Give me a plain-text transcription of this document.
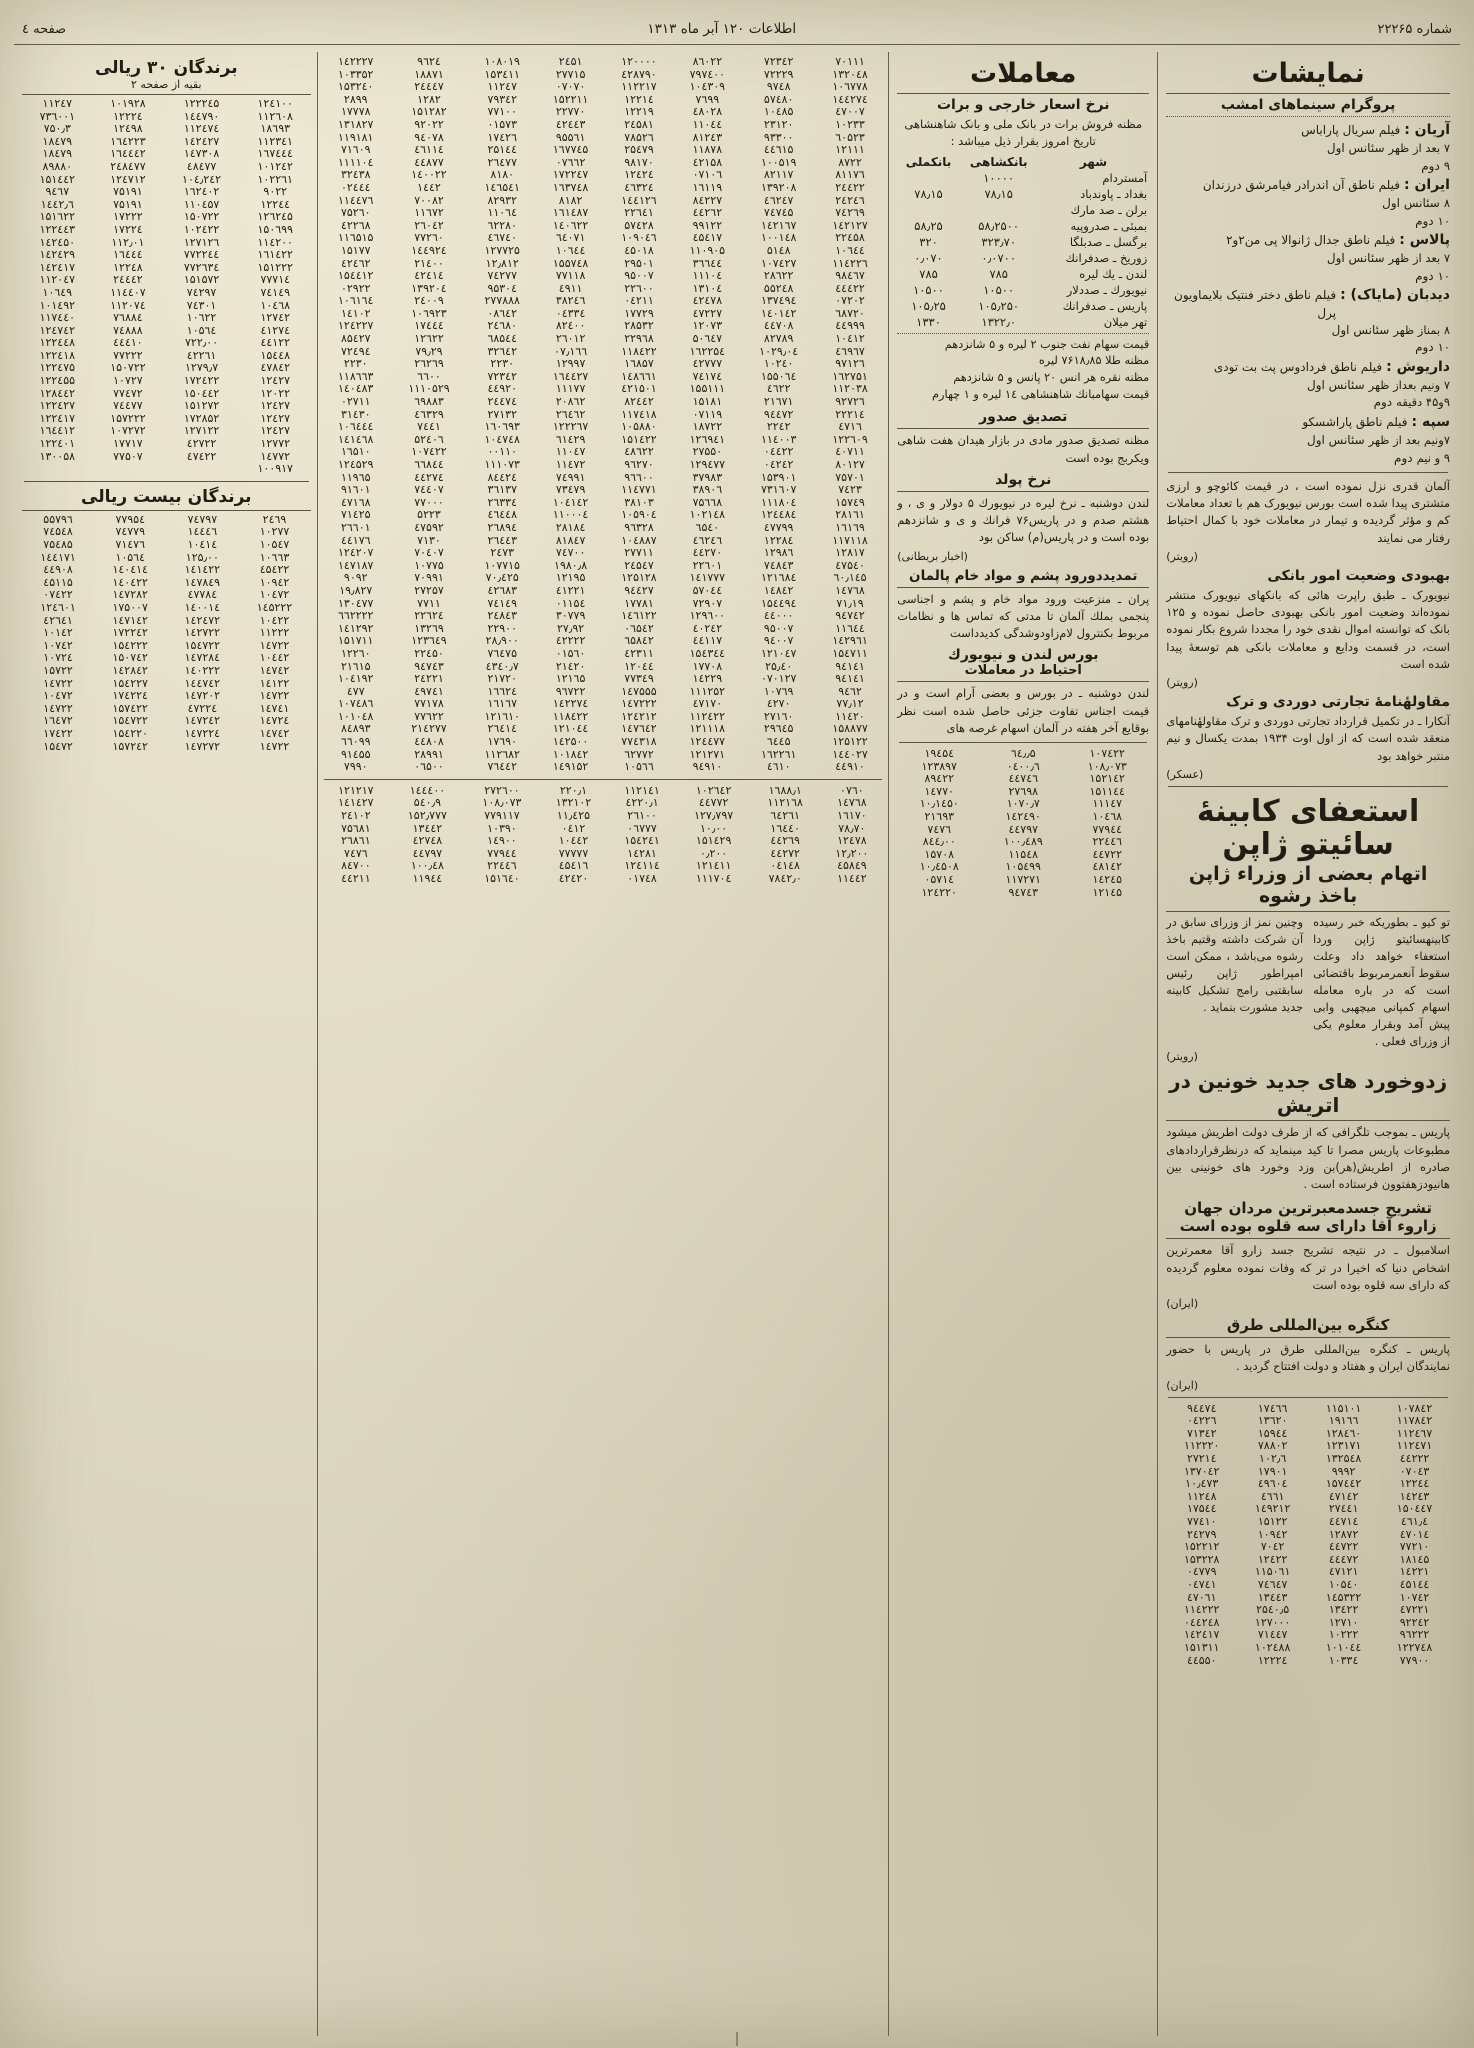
شماره ۲۲۲۶۵
اطلاعات ۱۲۰ آبر ماه ۱۳۱۳
صفحه ٤
نمایشات
پروگرام سینماهای امشب
آریان :
فیلم سریال پاراباس
۷ بعد از ظهر
سئانس اول
۹
دوم
ایران :
فیلم ناطق آن اندرادر فیامرشق درزندان
۸
سئانس اول
۱۰
دوم
پالاس :
فیلم ناطق جدال ژانوالا پی من۲و۲
۷ بعد از ظهر
سئانس اول
۱۰
دوم
دیدبان (مایاک) :
فیلم ناطق دختر فنتیک بلایماویون پرل
۸ بمناز ظهر
سئانس اول
۱۰
دوم
داریوش :
فیلم ناطق فردادوس پت بت تودی
۷ ونیم بعداز ظهر
سئانس اول
۹و۴۵ دقیقه
دوم
سپه :
فیلم ناطق پاراشسکو
۷ونیم بعد از ظهر
سئانس اول
۹ و نیم
دوم

آلمان قدری نزل نموده است ، در قیمت کائوچو و ارزی متشتری پیدا شده است بورس نیویورک هم با تعداد معاملات کم و مؤثر گردیده و تیمار در معاملات خود با کمال احتیاط رفتار می نمایند

(رویتر)
بهبودی وضعیت امور بانکی

نیویورک ـ طبق راپرت هائی که بانکهای نیویورک منتشر نموده‌اند وضعیت امور بانکی بهبودی حاصل نموده و ۱۲۵ بانک که توانسته اموال نقدی خود را مجددا شروع بکار نموده است، در قسمت ودایع و معاملات بانکی هم توسعهٔ پیدا شده است

(رویتر)
مقاولهٔنامهٔ تجارتی دوردی و ترک

آنکارا ـ در تکمیل قرارداد تجارتی دوردی و ترک مقاولهٔنامهای منعقد شده است که از اول اوت ۱۹۳۴ بمدت یکسال و نیم منتبر خواهد بود

(عسکر)
استعفای کابینهٔ سائیتو ژاپن
اتهام بعضی از وزراء ژاپن با‌خذ رشوه
تو کیو ـ بطوریکه خبر رسیده کابینهسائیتو ژاپن وردا استعفاء خواهد داد وعلت سقوط آنعمرمربوط باقتضائی است که در باره معامله اسهام کمپانی میچهبی وابی پیش آمد وبقرار معلوم یکی از وزرای فعلی .
وچنین نمز از وزرای سابق در آن شرکت داشته وقتیم باخذ رشوه می‌باشد ، ممکن است امپراطور ژاپن رئیس سابقتبی را‌مج تشکیل کابینه جدید مشورت بنماید .
(رویتر)
زدوخورد های جدید خونین در اتریش

پاریس ـ بموجب تلگرافی که از طرف دولت اطریش میشود مطبوعات پاریس مصرا تا کید مینماید که درنظرقرارداد‌های صادره از اطریش(هر)بن وزد وخورد های خونینی بین هانیودزهفتوون فرستاده است .

تشریح جسدمعبرترین مردان جهان زاروء آقا دارای سه قلوه بوده است

اسلامبول ـ در نتیجه تشریح جسد زارو آقا معمرترین اشخاص دنیا که اخیرا در تر که وفات نموده معلوم گردیده که دارای سه قلوه بوده است

(ایران)
کنگره بین‌المللی طرق

پاریس ـ کنگره بین‌المللی طرق در پاریس با حضور نمایندگان ایران و هفتاد و دولت افتتاح گردید .

(ایران)
۹٤٤۷٤	۱۷٤٦٦	۱۱۵۱۰۱	۱۰۷۸٤۲
۰٤۲۲٦	۱۳٦۲۰	۱۹۱٦٦	۱۱۷۸٤۲
۷۱۳٤۲	۱۵۹٤٤	۱۲۸٤٦۰	۱۱۲٤٦۷
۱۱۲۲۲۰	۷۸۸۰۲	۱۲۳۱۷۱	۱۱۲٤۷۱
۲۷۲۱٤	۱۰۲٫٦	۱۳۲۵٤۸	٤٤۲۲۲
۱۳۷۰٤۲	۱۷۹۰۱	۹۹۹۲	۰۷۰٤۳
۱۰٫٤۷۳	٤۹٦۰٤	۱۵۷٤٤۲	۱۲۲٤٤
۱۱۲٤۸	٤٦٦۱	٤۷۱٤۲	۱٤۲٤۳
۱۷۵٤٤	۱٤۹۲۱۲	۲۷٤٤۱	۱۵۰٤٤۷
۷۷٤۱۰	۱۵۱۲۲	٤٤۷۱٤	٤٦۱٫٤
۲٤۲۷۹	۱۰۹٤۲	۱۲۸۷۲	٤۷۰۱٤
۱۵۲۲۱۲	۷۰٤۲	٤٤۷۲۲	۷۷۲۱۰
۱۵۳۲۲۸	۱۲٤۲۲	٤٤٤۷۲	۱۸۱٤۵
۰٤۷۷۹	۱۱۵۰٦۱	٤۷۱۲۱	۱٤۲۲۱
۰٤۷٤۱	۷٤٦٤۷	۱۰۵٤۰	٤۵۱٤٤
٤۷۰٦۱	۱۳٤٤۳	۱٤۵۳۲۲	۱۰۷٤۲
۱۱٤۲۲۲	۲۵٤۰٫۵	۱۳٤۲۲	٤۷۲۲۱
۰٤٤۲٤۸	۱۲۷۰۰۰	۱۲۷۱۰	۹۲۲٤۲
۱٤۲٤۱۷	۷۱٤٤۷	۱۰۲۲۲	۹٦۲۲۲
۱۵۱۳۱۱	۱۰۲٤۸۸	۱۰۱۰٤٤	۱۲۲۷٤۸
٤٤۵۵۰	۱۲۲۲٤	۱۰۳۳٤	۷۷۹۰۰
معاملات
نرخ اسعار خارجی و برات

مظنه فروش برات در بانک ملی و بانک شاهنشاهی تاریخ امروز بقرار ذیل میباشد :

شهر	بانکشاهی	بانکملی
آمستردام	۱۰۰۰۰	
بغداد ـ پاوندباد	۷۸٫۱۵	۷۸٫۱۵
برلن ـ صد مارك		
بمبئی ـ صدروپیه	۵۸٫۲۵۰۰	۵۸٫۲۵
برگسل ـ صدبلگا	۳۲۳٫۷۰	۳۲۰
زوریخ ـ صدفرانك	۰٫۰۷۰۰	۰٫۰۷۰
لندن ـ یك لیره	۷۸۵	۷۸۵
نیویورك ـ صددلار	۱۰۵۰۰	۱۰۵۰۰
پاریس ـ صدفرانك	۱۰۵٫۲۵۰	۱۰۵٫۲۵
تهر میلان	۱۳۲۲٫۰	۱۳۳۰
قیمت سهام نفت جنوب ۲ لیره و ۵ شانزدهم
مظنه طلا ۷۶۱۸٫۸۵ لیره
مظنه نقره هر انس ۲۰ پانس و ۵ شانزدهم
قیمت سهامبانك شاهنشاهی ۱٤ لیره و ۱ چهارم
تصدیق صدور

مظنه تصدیق صدور مادی در بازار هیدان هفت شاهی ویكربج بوده است

نرخ پولد

لندن دوشنبه ـ نرخ لیره در نیویورك ۵ دولار و ی ، و هشتم صدم و در پاریس۷۶ فرانك و ی و شانزدهم بوده است و در پاریس(م) ساكن بود

(اخبار بریطانی)
تمدیددورود پشم و مواد خام پالمان

پران ـ منزعیت ورود مواد خام و پشم و اجناسی پنجمی بملك آلمان تا مدتی كه تماس ها و نظامات مربوط بكنترول لام‌زاودوشد‌گی كدیدداست

بورس لندن و نیویورك
احتیاط در معاملات

لندن دوشنبه ـ در بورس و بعضی آرام است و در قیمت اجناس تفاوت جزئی حاصل شده است نظر بوقایع آخر هفته در آلمان اسهام غرصه های

۱۹٤۵٤	٦٤٫٫۵	۱۰۷٤۲۲
۱۲۳۸۹۷	۰٤۰۰٫٦	۱۰۸٫۰۷۳
۸۹٤۲۲	٤٤۷٤٦	۱۵۲۱٤۲
۱٤۷۷۰	۲۷٦۹۸	۱۵۱۱٤٤
۱۰٫۱٤۵۰	۱۰۷۰٫۷	۱۱۱٤۷
۲۱٦۹۳	۱٤۲٤۹۰	۱۰٤٦۸
۷٤۷٦	٤٤۷۹۷	۷۷۹٤٤
۸٤٤٫۰۰	۱۰۰٫٤۸۹	۲۲٤٤٦
۱۵۷۰۸	۱۱۵٤۸	٤٤۷۲۲
۱۰٫٤۵۰۸	۱۰۵٤۹۹	٤۸۱٤۲
۰۵۷۱٤	۱۱۷۲۷۱	۱٤۲٤۵
۱۲٤۲۲۰	۹٤۷٤۳	۱۲۱٤۵
۱٤۲۲۲۷	۹٦۲٤	۱۰۸۰۱۹	۲٤۵۱	۱۲۰۰۰۰	۸٦۰۲۲	۷۲۳٤۲	۷۰۱۱۱
۱۰۳۳۵۲	۱۸۸۷۱	۱۵۳٤۱۱	۲۷۷۱۵	٤۲۸۷۹۰	۷۹۷٤۰۰	۷۲۲۲۹	۱۳۲۰٤۸
۱۵۳۲٤۰	۲٤٤٤۷	۱۱۲٤۷	۰۷۰۷۰	۱۱۲۲۱۷	۱۰٤۳۰۹	۹۷٤۸	۱۰٦۷۷۸
۲۸۹۹	۱۲۸۲	۷۹۳٤۲	۱۵۲۲۱۱	۱۲۲۱٤	۷٦۹۹	۵۷٤۸۰	۱٤٤۲۷٤
۱۷۷۷۸	۱۵۱۲۸۲	۷۷۱۰۰	۲۲۷۷۰	۱۲۲۱۹	٤۸۰۲۸	۱۰٤۸۵	٤۷۰۰۷
۱۳۱۸۲۷	۹۲۰۲۲	۰۱۵۷۳	٤۲٤٤۳	۲٤۵۸۱	۱۱۰٤٤	۲۳۱۲۰	۱۰۲۳۳
۱۱۹۱۸۱	۹٤۰۷۸	۱۷٤۲٦	۹۵۵٦۱	۷۸۵۲٦	۸۱۲٤۳	۹۳۳۰۰	٦۰۵۲۳
۷۱٦۰۹	٤٦۱۱٤	۲۵۱٤٤	۱٦۷۷٤۵	۲۵٤۷۹	۱۱۸۷۸	٤٤٦۱۵	۱۲۱۱۱
۱۱۱۱۰٤	٤٤۸۷۷	۲٦٤۷۷	۰۷٦٦۲	۹۸۱۷۰	٤۲۱۵۸	۱۰۰۵۱۹	۸۷۲۲
۳۲٤۳۸	۱٤۰۰۲۲	۸۱۸۰	۱۷۲۲٤۷	۱۲٤۲٤	۰۷۱۰٦	۸۲۱۱۷	۸۱۱۷٦
۰۲٤٤٤	۱٤٤۲	۱٤٦۵٤۱	۱٦۳۷٤۸	٤٦۳۲٤	۱٦۱۱۹	۱۳۹۲۰۸	۲٤٤۲۲
۱۱٤٤۷٦	۷۰۰۸۲	۸۲۹۳۲	۸۱۸۲	۱٤٤۱۲٦	۸٤۲۲۷	٤٦۲٤۷	۲٤۲٤٦
۷۵۲٦۰	۱۱٦۷۲	۱۱۰٦٤	۱٦۱٤۸۷	۲۲٦٤۱	٤٤۲٦۲	۷٤۷٤۵	۷٤۲٦۹
٤۲۲٦۸	۲٦۰٤۲	٦۲۲۸۰	۱٤۰٦۲۲	۵۷٤۲۸	۹۹۱۲۲	۱٤۲۱٦۷	۱٤۲۱۲۷
۱۱٦۵۱۵	۷۷۲٦۰	٤٦۷٤۰	٦٤۰۷۱	۱۰۹۰٤٦	٤۵٤۱۷	۱۰۰۱٤۸	۲۲٤۵۸
۱۵۱۷۷	۱٤٤۹۲٤	۱۲۷۷۲۵	۱۰٦٤٤	٤۵۰۱۸	۱۱۰۹۰۵	۵۱٤۸	۱۰٦٤٤
٤۲٤٦۲	۲۱٤۰۰	۱۲٫۸۱۲	۱۵۵۷٤۸	۲۹۵۰۱	۳٦٦٤٤	۱۰۷٤۲۷	۱۱٤۲۲٦
۱۵٤٤۱۲	٤۲٤۱٤	۷٤۲۷۷	۷۷۱۱۸	۹۵۰۰۷	۱۱۱۰٤	۲۸٦۲۲	۹۸٤٦۷
۰۲۹۲۲	۱۳۹۲۰٤	۹۵۳۰٤	٤۹۱۱	۲۲٦۰۰	۱۳۱۰٤	۵۵۲٤۸	٤٤٤۲۲
۱۰٦۱٦٤	۲٤۰۰۹	۲۷۷۸۸۸	۳۸۲٤٦	۰٤۲۱۱	٤۲٤۷۸	۱۳۷٤۹٤	۰۷۲۰۲
۱٤۱۰۲	۱۰٦۹۲۳	۰۸٦٤۲	۰٤۳۳٤	۱۷۷۲۹	٤۷۲۲۷	۱٤۰۱٤۲	٦۸۷۲۰
۱۲٤۲۲۷	۱۷٤٤٤	۲٤٦۸۰	۸۲٤۰۰	۲۸۵۳۲	۱۲۰۷۳	٤٤۷۰۸	٤٤۹۹۹
۸۵٤۲۷	۱۲٦۲۲	٦۸۵٤٤	۲٦۰۱۲	۲۲۹٦۸	۵۰٦٤۷	۸۲۷۸۹	۱۰٤۱۲
۷۲٤۹٤	۷۹٫۲۹	۳۲٦٤۲	۰۷٫۱٦٦	۱۱۸٤۲۲	۱٦۲۲۵٤	۱۰۲۹٫۰٤	٤٦۹٦۷
۲۲۳۰	۲٦۲٦۹	۲۲۳۰	۱۲۹۹۷	۱٦۸۵۷	٤۲۷۷۷	۱۰۲٤۰	۹۷۱۲٦
۱۱۸٦٦۳	٦٦۰۰	۷۲۳٤۲	۱٦٤٤۲۷	۱٤۸٦٦۱	۷٤۱۷٤	۱۵۵۰٦٤	۱٦۲۷۵۱
۱٤۰٤۸۳	۱۱۱۰۵۲۹	٤٤۹۲۰	۱۱۱۷۷	٤۲۱۵۰۱	۱۵۵۱۱۱	٤٦۲۲	۱۱۲۰۳۸
۰۲۷۱۱	٦۹۸۸۳	۲٤٤۷٤	۲۰۸٦۲	۸۲٤٤۲	۱۵۱۸۱	۲۱٦۷۱	۹۲۷۲٦
۳۱٤۳۰	٤٦۳۲۹	۲۷۱۳۲	۲٦٤٦۲	۱۱۷٤۱۸	۰۷۱۱۹	۹٤٤۷۲	۲۲۲۱٤
۱۰٦٤٤٤	۷٤٤۱	۱٦۰٦۹۳	۱۲۲۲٦۷	۱۰۵۸۸۰	۱۸۷۲۲	۲۲٤۲	٤۷۱٦
۱٤۱٤٦۸	۵۲٤۰٦	۱۰٤۷٤۸	٦۱٤۲۹	۱۵۱٤۲۲	۱۲٦۹٤۱	۱۱٤۰۰۳	۱۲۲٦۰۹
۱٦۵۱۰	۱۰۷٤۲۲	۰۰۱۱۰	۱۱۰٤۷	٤۸٦۲۲	۲۷۵۵۰	۰٤٤۲۲	٤۰۷۱۱
۱۲٤۵۲۹	٦٦۸٤٤	۱۱۱۰۷۳	۱۱٤۷۲	۹٦۲۷۰	۱۲۹٤۷۷	۰٤۲٤۲	۸۰۱۲۷
۱۱۹٦۵	٤٤۲۷٤	۸٤٤۲٤	۷٤۹۹۱	۹٦٦۰۰	۳۷۹۸۳	۱۵۳۹۰۱	۷۵۷۰۱
۹۱٦۰۱	۷٤٤۰۷	۳٦۱۳۷	۷۳٤۷۹	۱۱٤۷۷۱	۳۸۹۰٦	۷۳۱٦۰۷	۷٤۲۳
٤۷۱٦۸	۷۷۰۰۰	۲٦۳۳٤	۱۰٤۱٤۲	۳۸۱۰۳	۷۵٦٦۸	۱۱۱۸۰٤	۱۵۷٤۹
۷۱٤۲۵	۵۲۲۳	٤٦٤٤۸	۱۱۰۰۰٤	۱۰۵۹۰٤	۱۰۲۱٤۸	۱۲٤٤۸٤	۲۸۱٦۱
۲٦٦۰۱	٤۷۵۹۲	۲٦۸۹٤	۲۸۱۸٤	۹٦۳۲۸	٦۵٤۰	٤۷۷۹۹	۱٦۱٦۹
٤٤۱۷٦	۷۱۳۰	۲٦٤٤۳	۸۱۸٤۷	۱۰٤۸۸۷	٤٦۲٤٦	۱۲۲۸٤	۱۱۷۱۱۸
۱۲٤۲۰۷	۷۰٤۰۷	۲٤۷۳	۷٤۷۰۰	۲۷۷۱۱	٤٤۲۷۰	۱۲۹۸٦	۱۲۸۱۷
۱٤۷۱۸۷	۱۰۷۷۵	۱۰۷۷۱۵	۱۹۸۰٫۸	۲٤۵٤۷	۲۲٦۰۱	۷٤۸٤۳	٤۷۵٤۰
۹۰۹۲	۷۰۹۹۱	۷۰٫٤۲۵	۱۲۱۹۵	۱۲۵۱۲۸	۱٤۱۷۷۷	۱۲۱٦۸٤	٦۰٫۱٤۵
۱۹٫۸۲۷	۲۷۲۵۷	٤۲٦۸۳	٤۱۲۲۱	۹٤٤۲۷	۵۷۰٤٤	۱٤۸٤۲	۱٤۷٦۸
۱۳۰٤۷۷	۷۷۱۱	۷٤۱٤۹	۰۱۱۵٤	۱۷۷۸۱	۷۲۹۰۷	۱۵٤٤۹٤	۷۱٫۱۹
٦٦۲۲۲۲	۲۲٦۲٤	۲٤۸٤۳	۳۰۷۷۹	۱٤٦۱۲۲	۱۲۹٦۰۰	٤٤۰۰۰	۹٤۷٤۲
۱٤۱۲۹۲	۱۳۲٦۹	۲۲۹۰۰	۲۷٫۹۲	۰٦۵٤۲	٤۰۲٤۲	۹۵۰۰۷	۱۱٦٤٤
۱۵۱۷۱۱	۱۲۳٦٤۹	۲۸٫۹۰۰	٤۲۲۲۲	٦۵۸٤۲	٤٤۱۱۷	۹٤۰۰۷	۱٤۲۹٦۱
۱۲۲٦۰	۲۲٤۵۰	۷٦٤۷۵	۰۱۵٦۰	٤۲۳۱۱	۱۵٤۳٤٤	۱۲۱۰٤۷	۱۵٤۷۱۱
۲۱٦۱۵	۹٤۷٤۳	٤۳٤۰٫۷	۲۱٤۲۰	۱۲۰٤٤	۱۷۷۰۸	۲۵٫٤۰	۹٤۱٤۱
۱۰٤۱۹۲	۲٤۲۲۱	۲۱۷۲۰	۱۲۱٦۵	۷۷۳٤۹	۱٤۲۲۹	۰۷۰۱۲۷	۹٤۱٤۱
٤۷۷	٤۹۷٤۱	۱٦٦۲٤	۹٦۷۲۲	۱٤۷۵۵۵	۱۱۱۲۵۲	۱۰۷٦۹	۹٤٦۲
۱۰۷٤۸٦	۷۷۱۷۸	۱٦۱٦۷	۱٤۲۲۷٤	۱٤۷۲۲۲	٤۷۱۷۰	٤۲۷۰	۷۷٫۱۲
۱۰۱۰٤۸	۷۷٦۲۲	۱۲۱٦۱۰	۱۱۸٤۲۲	۱۲٤۲۱۲	۱۱۲٤۲۲	۲۷۱٦۰	۱۱٤۲۰
۸٤۸۹۳	۲۱٤۲۷۷	۲٦٤۱٤	۱۲۱۰٤٤	۱٤۷٦٤۲	۱۲۱۱۱۸	۲۹٦٤۵	۱۵۸۸۷۷
٦٦۰۹۹	٤٤۸۰۸	۱۷٦۹۰	۱٤۲۵۰۰	۷۷٤۳۱۸	۱۲٤٤۷۷	٦٤٤۵	۱۲۵۱۲۲
۹۱٤۵۵	۲۸۹۹۱	۱۱۲٦۸۲	۱۰۱۸٤۲	٦۲۷۷۲	۱۲۱۲۷۱	۱٦۲۲٦۱	۱٤٤۰۲۷
۷۹۹۰	۰٦۵۰۰	۷٦٤٤۲	۱٤۹۱۵۲	۱۰۵٦٦	۹٤۹۱۰	٤٦۱۰	٤٤۹۱۰
۱۲۱۲۱۷	۱٤٤٤۰۰	۲۷۲٦۰۰	۲۲۰٫۱	۱۱۲۱٤۱	۱۰۲٦٤۲	۱٦۸۸٫۱	۰۷٦۰
۱٤۱٤۲۷	۵٤۰٫۹	۱۰۸٫۰۷۳	۱۳۲۱۰۲	٤۲۲۰٫۱	٤٤۷۷۲	۱۱۲۱٦۸	۱٤۷٦۸
۲٤۱۰۲	۱۵۲٫۷۷۷	۷۷۹۱۱۷	۱۱٫٤۲۵	۲٦۱۰۰	۱۲۷٫۷۹۷	٦٤۲٦۱	۱٦۱۷۰
۷۵٦۸۱	۱۳٤٤۲	۱۰۳۹۰	۰٤۱۲	۰٦۷۷۷	۱۰٫۰۰	۱٦٤٤۰	۷۸٫۷۰
۲٦۸٦۱	٤۲۷٤۸	۱٤۹۰۰	۱۰٤٤۲	۱۵٤۲٤۱	۱۵۱٤۲۹	٤٤۲٦۹	۱۲٤۷۸
۷٤۷٦	٤٤۷۹۷	۷۷۹٤٤	۷۷۷۷۷	۱٤۲۸۱	۰٫۲۰۰	٤٤۲۷۲	۱۲٫۲۰۰
۸٤۷۰۰	۱۰۰٫٤۸	۲۲٤٤٦	٤۵٤۱٦	۱۲٤۱۱٤	۱۲۱٤۱۱	۰٤۱٤۸	٤۵۸٤۹
٤٤۲۱۱	۱۱۹٤٤	۱۵۱٦٤۰	٤۲٤۲۰	۰۱۷٤۸	۱۱۱۷۰٤	۷۸٤۲٫۰	۱۱٤٤۲
برندگان ۳۰ ریالی
بقیه از صفحه ۲
۱۱۲٤۷	۱۰۱۹۲۸	۱۲۲۲٤۵	۱۲٤۱۰۰
۷۳٦۰۰۱	۱۲۲۲٤	۱٤٤۷۹۰	۱۱۲٦۰۸
۷۵۰٫۳	۱۲٤۹۸	۱۱۲٤۷٤	۱۸٦۹۳
۱۸٤۷۹	۱٦٤۲۲۳	۱٤۲٤۲۷	۱۱۲۳٤۱
۱۸٤۷۹	۱٦٤٤٤۲	۱٤۷۳۰۸	۱٦۷٤٤٤
۸۹۸۸۰	۲٤۸٤۷۷	٤۸٤۷۷	۱۰۱۲٤۲
۱۵۱٤٤۲	۱۲٤۷۱۲	۱۰٤٫۲٤۲	۱۰۲۲٦۱
۹٤٦۷	۷۵۱۹۱	۱٦۲٤۰۲	۹۰۲۲
۱٤٤۲٫٦	۷۵۱۹۱	۱۱۰٤۵۷	۱۲۲٤٤
۱۵۱٦۲۲	۱۷۲۲۲	۱۵۰۷۲۲	۱۲٦۲٤۵
۱۲۲٤٤۳	۱۷۲۲٤	۱۰۲٤۲۲	۱۵۰٦۹۹
۱٤۲٤۵۰	۱۱۲٫۰۱	۱۲۷۱۲٦	۱۱٤۲۰۰
۱٤۲٤۲۹	۱٦٤٤٤	۷۷۲۲٤٤	۱٦۱٤۲۲
۱٤۲٤۱۷	۱۲۲٤۸	۷۷۲٦۳٤	۱۵۱۲۲۲
۱۱۲۰٤۷	۲٤٤٤۲	۱۵۱۵۷۲	۷۷۷۱٤
۱۰٦٤۹	۱۱٤٤۰۷	۷٤۲۹۷	۷٤۱٤۹
۱۰۱٤۹۲	۱۱۲۰۷٤	۷٤۳۰۱	۱۰٤٦۸
۱۱۷٤٤۰	۷٦۸۸٤	۱۰٦۲۲	۱۲۷٤۲
۱۲٤۷٤۲	۷٤۸۸۸	۱۰۵٦٤	٤۱۲۷٤
۱۲۲٤٤۸	٤٤٤۱۰	۷۲۲٫۰۰	٤٤۱۲۲
۱۲۲٤۱۸	۷۷۲۲۲	٤۲۲٦۱	۱۵٤٤۸
۱۲۲٤۷۵	۱۵۰۷۲۲	۱۲۷۹٫۷	٤۷۸٤۲
۱۲۲٤۵۵	۱۰۷۲۷	۱۷۲٤۲۲	۱۲٤۲۷
۱۲۸٤٤۲	۷۷٤۷۲	۱۵۰٤٤۲	۱۲۰۲۲
۱۲۲٤۲۷	۷٤٤۷۷	۱۵۱۲۷۲	۱۲٤۲۷
۱۲۲٤۱۷	۱۵۷۲۲۲	۱۷۲۸۵۲	۱۲٤۲۷
۱٦٤٤۱۲	۱۰۷۲۷۲	۱۲۷۱۲۲	۱۲٤۲۷
۱۲۲٤۰۱	۱۷۷۱۷	٤۲۷۲۲	۱۲۷۷۲
۱۳۰۰۵۸	۷۷۵۰۷	٤۷٤۲۲	۱٤۷۷۲
			۱۰۰۹۱۷
برندگان بیست ریالی
۵۵۷۹٦	۷۷۹۵٤	۷٤۷۹۷	۲٤٦۹
۷٤۵٤۸	۷٤۷۷۹	۱٤٤٤٦	۱۰۲۷۷
۷۵٤۸۵	۷۱٤۷٦	۱۰٤۱٤	۱۰۵٤۷
۱٤٤۱۷۱	۱۰۵٦٤	۱۲۵٫۰۰	۱۰٦٦۳
٤٤۹۰۸	۱٤۰٤۱٤	۱٤۱٤۲۲	٤۵٤۲۲
٤۵۱۱۵	۱٤۰٤۲۲	۱٤۷۸٤۹	۱۰۹٤۲
۰۷٤۲۲	۱٤۷۲۸۲	٤۷۷۸٤	۱۰٤۷۲
۱۲٤٦۰۱	۱۷۵۰۰۷	۱٤۰۰۱٤	۱٤۵۲۲۲
٤۲٦٤۱	۱٤۷۱٤۲	۱٤۲٤۷۲	۱۰٤۲۲
۱۰۱٤۲	۱۷۲۲٤۲	۱٤۲۷۲۲	۱۱۲۲۲
۱۰۷٤۲	۱۵٤۲۲۲	۱۵٤۷۲۲	۱٤۷۲۲
۱۰۷۲٤	۱۵۰۷٤۲	۱٤۷۲۸٤	۱۰٤٤۲
۱۵۷۲۲	۱٤۲۸٤۲	۱٤۰۲۲۲	۱٤۷٤۲
۱٤۷۲۲	۱۵٤۲۲۷	۱٤٤۷٤۲	۱٤۱۲۲
۱۰٤۷۲	۱۷٤۲۲٤	۱٤۷۲۰۲	۱٤۷۲۲
۱٤۷۲۲	۱۵۷٤۲۲	٤۷۲۲٤	۱٤۷٤۱
۱٦٤۷۲	۱۵٤۷۲۲	۱٤۷۲٤۲	۱٤۷۲٤
۱۷٤۲۲	۱۵٤۲۲۰	۱٤۷۲۲٤	۱٤۷٤۲
۱۵٤۷۲	۱۵۷۲٤۲	۱٤۷۲۷۲	۱٤۷۲۲
